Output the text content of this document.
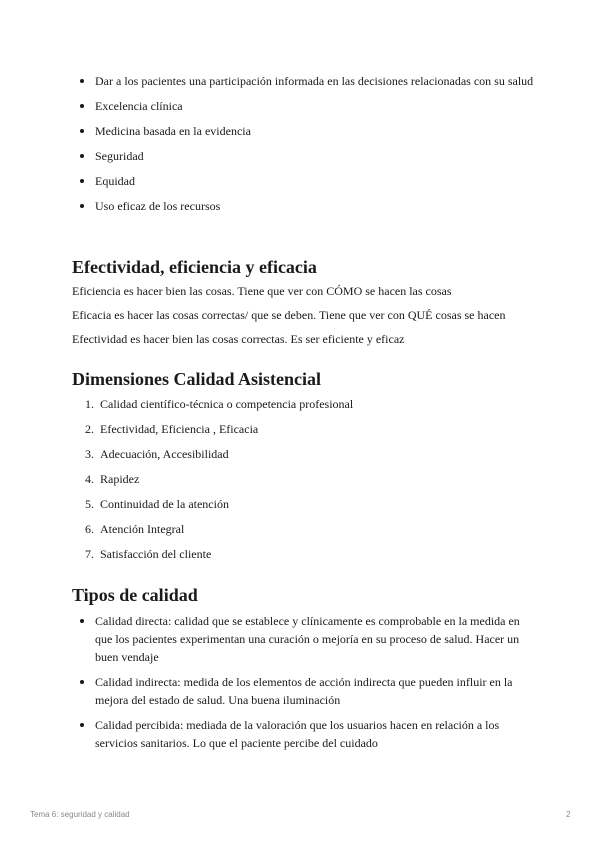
Dar a los pacientes una participación informada en las decisiones relacionadas con su salud
Excelencia clínica
Medicina basada en la evidencia
Seguridad
Equidad
Uso eficaz de los recursos
Efectividad, eficiencia y eficacia

Eficiencia es hacer bien las cosas. Tiene que ver con CÓMO se hacen las cosas

Eficacia es hacer las cosas correctas/ que se deben. Tiene que ver con QUÉ cosas se hacen

Efectividad es hacer bien las cosas correctas. Es ser eficiente y eficaz

Dimensiones Calidad Asistencial
1. Calidad científico-técnica o competencia profesional
2. Efectividad, Eficiencia , Eficacia
3. Adecuación, Accesibilidad
4. Rapidez
5. Continuidad de la atención
6. Atención Integral
7. Satisfacción del cliente
Tipos de calidad
Calidad directa: calidad que se establece y clínicamente es comprobable en la medida en que los pacientes experimentan una curación o mejoría en su proceso de salud. Hacer un buen vendaje
Calidad indirecta: medida de los elementos de acción indirecta que pueden influir en la mejora del estado de salud. Una buena iluminación
Calidad percibida: mediada de la valoración que los usuarios hacen en relación a los servicios sanitarios. Lo que el paciente percibe del cuidado
Tema 6: seguridad y calidad	2
